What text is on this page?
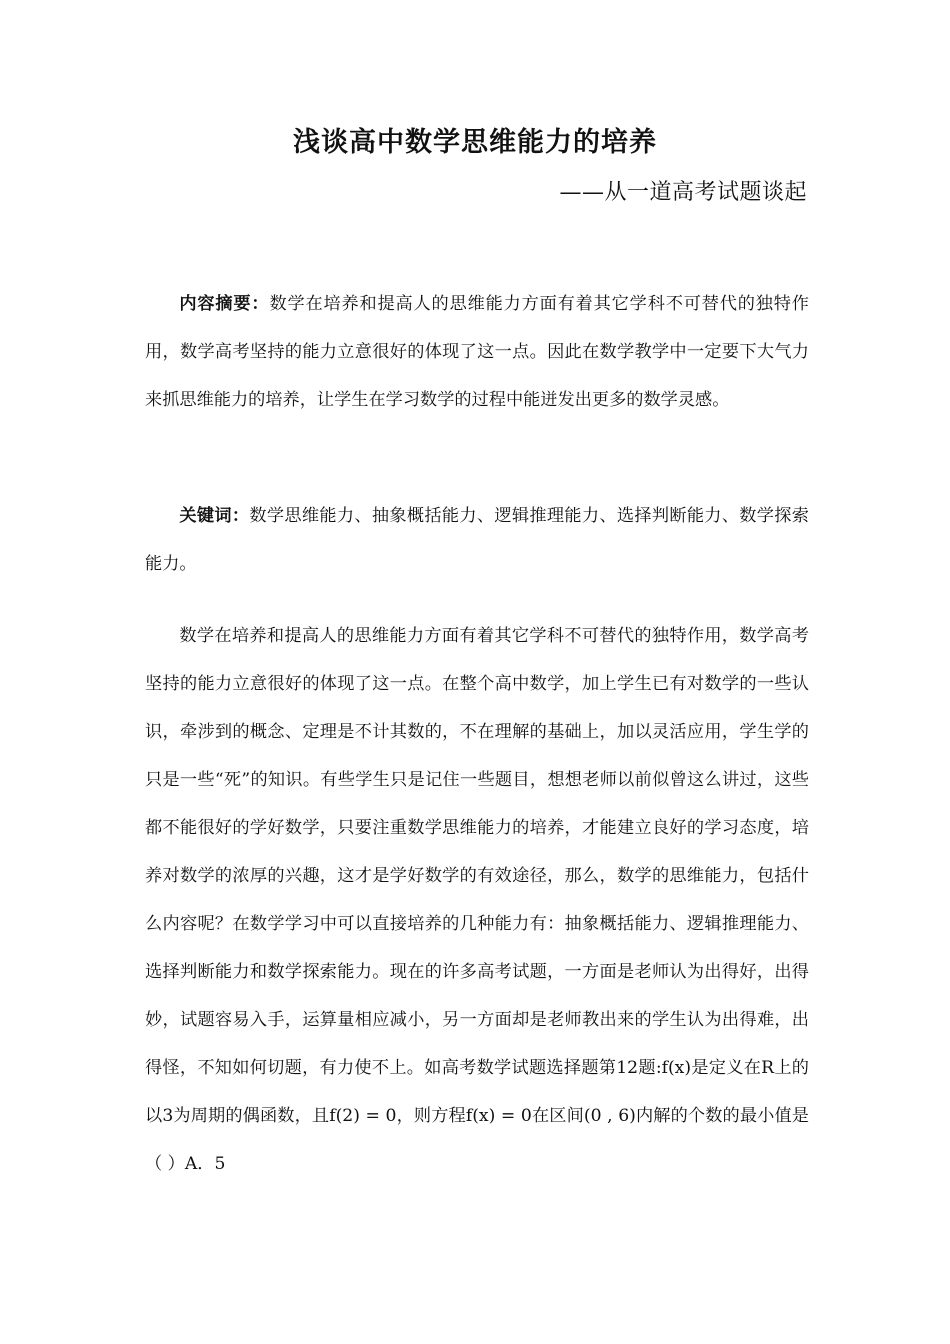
浅谈高中数学思维能力的培养
——从一道高考试题谈起

内容摘要：数学在培养和提高人的思维能力方面有着其它学科不可替代的独特作用，数学高考坚持的能力立意很好的体现了这一点。因此在数学教学中一定要下大气力来抓思维能力的培养，让学生在学习数学的过程中能迸发出更多的数学灵感。

关键词：数学思维能力、抽象概括能力、逻辑推理能力、选择判断能力、数学探索能力。

数学在培养和提高人的思维能力方面有着其它学科不可替代的独特作用，数学高考坚持的能力立意很好的体现了这一点。在整个高中数学，加上学生已有对数学的一些认识，牵涉到的概念、定理是不计其数的，不在理解的基础上，加以灵活应用，学生学的只是一些“死”的知识。有些学生只是记住一些题目，想想老师以前似曾这么讲过，这些都不能很好的学好数学，只要注重数学思维能力的培养，才能建立良好的学习态度，培养对数学的浓厚的兴趣，这才是学好数学的有效途径，那么，数学的思维能力，包括什么内容呢？在数学学习中可以直接培养的几种能力有：抽象概括能力、逻辑推理能力、选择判断能力和数学探索能力。现在的许多高考试题，一方面是老师认为出得好，出得妙，试题容易入手，运算量相应减小，另一方面却是老师教出来的学生认为出得难，出得怪，不知如何切题，有力使不上。如高考数学试题选择题第12题:f(x)是定义在R上的以3为周期的偶函数，且f(2) = 0，则方程f(x) = 0在区间(0 , 6)内解的个数的最小值是（ ）A．5
